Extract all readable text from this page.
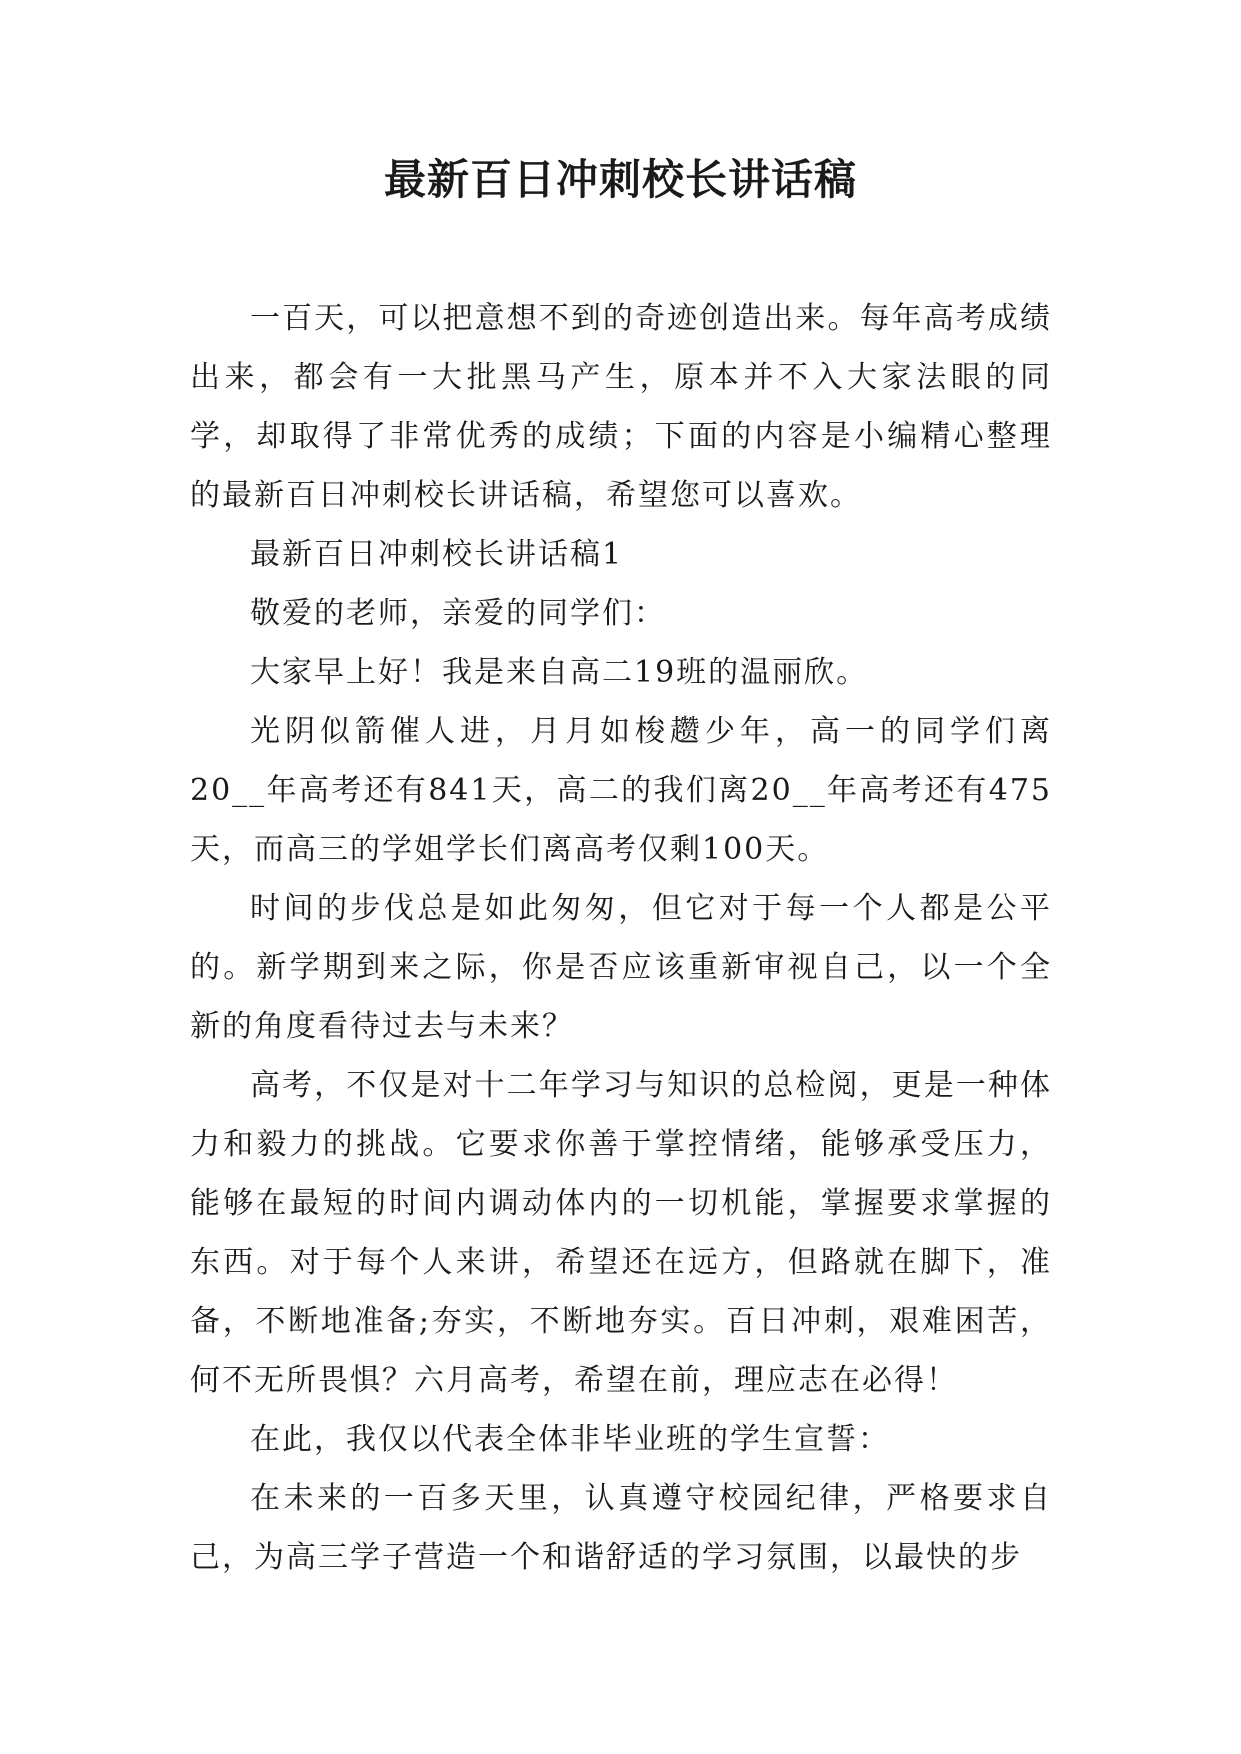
最新百日冲刺校长讲话稿

一百天，可以把意想不到的奇迹创造出来。每年高考成绩出来，都会有一大批黑马产生，原本并不入大家法眼的同学，却取得了非常优秀的成绩；下面的内容是小编精心整理的最新百日冲刺校长讲话稿，希望您可以喜欢。

最新百日冲刺校长讲话稿1

敬爱的老师，亲爱的同学们：

大家早上好！我是来自高二19班的温丽欣。

光阴似箭催人进，月月如梭趱少年，高一的同学们离20__年高考还有841天，高二的我们离20__年高考还有475天，而高三的学姐学长们离高考仅剩100天。

时间的步伐总是如此匆匆，但它对于每一个人都是公平的。新学期到来之际，你是否应该重新审视自己，以一个全新的角度看待过去与未来？

高考，不仅是对十二年学习与知识的总检阅，更是一种体力和毅力的挑战。它要求你善于掌控情绪，能够承受压力，能够在最短的时间内调动体内的一切机能，掌握要求掌握的东西。对于每个人来讲，希望还在远方，但路就在脚下，准备，不断地准备;夯实，不断地夯实。百日冲刺，艰难困苦，何不无所畏惧？六月高考，希望在前，理应志在必得！

在此，我仅以代表全体非毕业班的学生宣誓：

在未来的一百多天里，认真遵守校园纪律，严格要求自己，为高三学子营造一个和谐舒适的学习氛围，以最快的步
